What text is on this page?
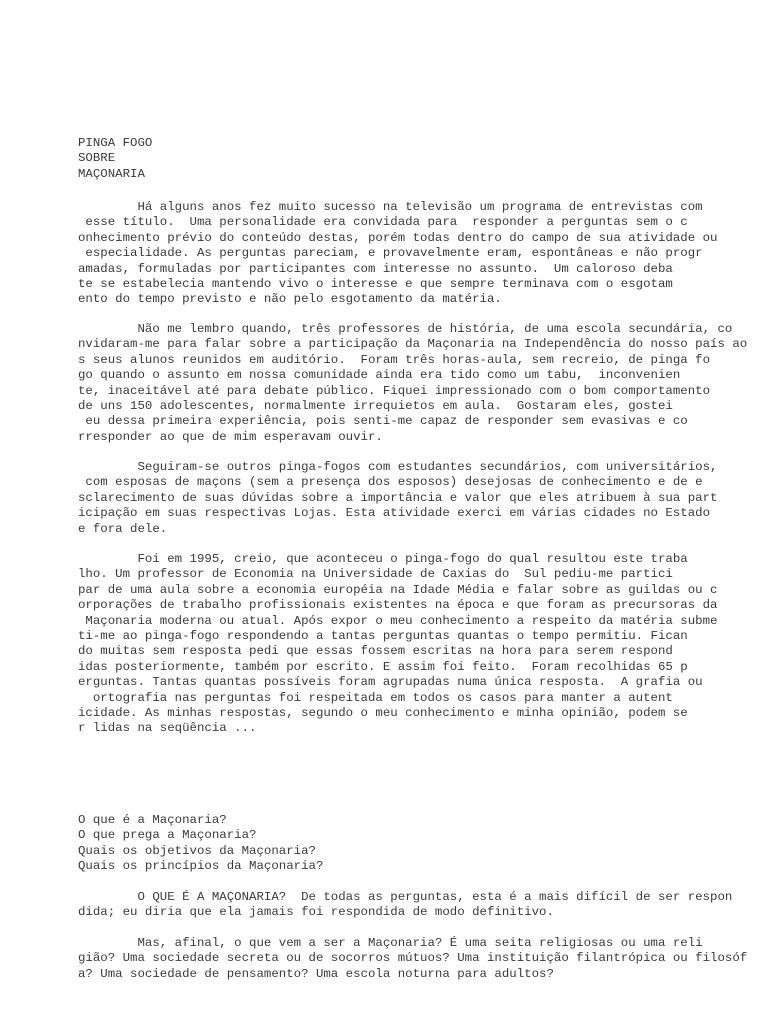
PINGA FOGO
SOBRE
MAÇONARIA
Há alguns anos fez muito sucesso na televisão um programa de entrevistas com
esse título.  Uma personalidade era convidada para  responder a perguntas sem o c
onhecimento prévio do conteúdo destas, porém todas dentro do campo de sua atividade ou
especialidade. As perguntas pareciam, e provavelmente eram, espontâneas e não progr
amadas, formuladas por participantes com interesse no assunto.  Um caloroso deba
te se estabelecia mantendo vivo o interesse e que sempre terminava com o esgotam
ento do tempo previsto e não pelo esgotamento da matéria.
Não me lembro quando, três professores de história, de uma escola secundária, co
nvidaram-me para falar sobre a participação da Maçonaria na Independência do nosso país ao
s seus alunos reunidos em auditório.  Foram três horas-aula, sem recreio, de pinga fo
go quando o assunto em nossa comunidade ainda era tido como um tabu,  inconvenien
te, inaceitável até para debate público. Fiquei impressionado com o bom comportamento
de uns 150 adolescentes, normalmente irrequietos em aula.  Gostaram eles, gostei
eu dessa primeira experiência, pois senti-me capaz de responder sem evasivas e co
rresponder ao que de mim esperavam ouvir.
Seguiram-se outros pinga-fogos com estudantes secundários, com universitários,
com esposas de maçons (sem a presença dos esposos) desejosas de conhecimento e de e
sclarecimento de suas dúvidas sobre a importância e valor que eles atribuem à sua part
icipação em suas respectivas Lojas. Esta atividade exerci em várias cidades no Estado
e fora dele.
Foi em 1995, creio, que aconteceu o pinga-fogo do qual resultou este traba
lho. Um professor de Economia na Universidade de Caxias do  Sul pediu-me partici
par de uma aula sobre a economia européia na Idade Média e falar sobre as guildas ou c
orporações de trabalho profissionais existentes na época e que foram as precursoras da
Maçonaria moderna ou atual. Após expor o meu conhecimento a respeito da matéria subme
ti-me ao pinga-fogo respondendo a tantas perguntas quantas o tempo permitiu. Fican
do muitas sem resposta pedi que essas fossem escritas na hora para serem respond
idas posteriormente, também por escrito. E assim foi feito.  Foram recolhidas 65 p
erguntas. Tantas quantas possíveis foram agrupadas numa única resposta.  A grafia ou
ortografia nas perguntas foi respeitada em todos os casos para manter a autent
icidade. As minhas respostas, segundo o meu conhecimento e minha opinião, podem se
r lidas na seqüência ...
O que é a Maçonaria?
O que prega a Maçonaria?
Quais os objetivos da Maçonaria?
Quais os princípios da Maçonaria?
O QUE É A MAÇONARIA?  De todas as perguntas, esta é a mais difícil de ser respon
dida; eu diria que ela jamais foi respondida de modo definitivo.
Mas, afinal, o que vem a ser a Maçonaria? É uma seita religiosas ou uma reli
gião? Uma sociedade secreta ou de socorros mútuos? Uma instituição filantrópica ou filosóf
a? Uma sociedade de pensamento? Uma escola noturna para adultos?
